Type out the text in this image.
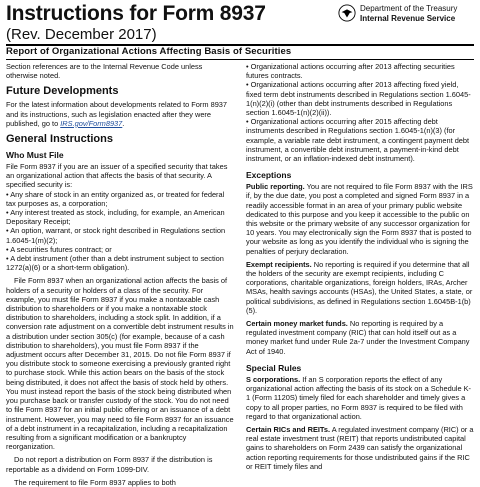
Instructions for Form 8937
(Rev. December 2017)
Department of the Treasury
Internal Revenue Service
Report of Organizational Actions Affecting Basis of Securities

Section references are to the Internal Revenue Code unless otherwise noted.

Future Developments

For the latest information about developments related to Form 8937 and its instructions, such as legislation enacted after they were published, go to IRS.gov/Form8937.

General Instructions
Who Must File

File Form 8937 if you are an issuer of a specified security that takes an organizational action that affects the basis of that security. A specified security is:

• Any share of stock in an entity organized as, or treated for federal tax purposes as, a corporation;

• Any interest treated as stock, including, for example, an American Depositary Receipt;

• An option, warrant, or stock right described in Regulations section 1.6045-1(m)(2);

• A securities futures contract; or

• A debt instrument (other than a debt instrument subject to section 1272(a)(6) or a short-term obligation).

File Form 8937 when an organizational action affects the basis of holders of a security or holders of a class of the security. For example, you must file Form 8937 if you make a nontaxable cash distribution to shareholders or if you make a nontaxable stock distribution to shareholders, including a stock split. In addition, if a conversion rate adjustment on a convertible debt instrument results in a distribution under section 305(c) (for example, because of a cash distribution to shareholders), you must file Form 8937 if the adjustment occurs after December 31, 2015. Do not file Form 8937 if you distribute stock to someone exercising a previously granted right to purchase stock. While this action bears on the basis of the stock being distributed, it does not affect the basis of stock held by others. You must instead report the basis of the stock being distributed when you purchase back or transfer custody of the stock. You do not need to file Form 8937 for an initial public offering or an issuance of a debt instrument. However, you may need to file Form 8937 for an issuance of a debt instrument in a recapitalization, including a recapitalization resulting from a significant modification or a bankruptcy reorganization.

Do not report a distribution on Form 8937 if the distribution is reportable as a dividend on Form 1099-DIV.

The requirement to file Form 8937 applies to both

• Organizational actions occurring after 2013 affecting securities futures contracts.

• Organizational actions occurring after 2013 affecting fixed yield, fixed term debt instruments described in Regulations section 1.6045-1(n)(2)(i) (other than debt instruments described in Regulations section 1.6045-1(n)(2)(ii)).

• Organizational actions occurring after 2015 affecting debt instruments described in Regulations section 1.6045-1(n)(3) (for example, a variable rate debt instrument, a contingent payment debt instrument, a convertible debt instrument, a payment-in-kind debt instrument, or an inflation-indexed debt instrument).

Exceptions

Public reporting. You are not required to file Form 8937 with the IRS if, by the due date, you post a completed and signed Form 8937 in a readily accessible format in an area of your primary public website dedicated to this purpose and you keep it accessible to the public on this website or the primary website of any successor organization for 10 years. You may electronically sign the Form 8937 that is posted to your website as long as you identify the individual who is signing the penalties of perjury declaration.

Exempt recipients. No reporting is required if you determine that all the holders of the security are exempt recipients, including C corporations, charitable organizations, foreign holders, IRAs, Archer MSAs, health savings accounts (HSAs), the United States, a state, or political subdivisions, as defined in Regulations section 1.6045B-1(b)(5).

Certain money market funds. No reporting is required by a regulated investment company (RIC) that can hold itself out as a money market fund under Rule 2a-7 under the Investment Company Act of 1940.

Special Rules

S corporations. If an S corporation reports the effect of any organizational action affecting the basis of its stock on a Schedule K-1 (Form 1120S) timely filed for each shareholder and timely gives a copy to all proper parties, no Form 8937 is required to be filed with regard to that organizational action.

Certain RICs and REITs. A regulated investment company (RIC) or a real estate investment trust (REIT) that reports undistributed capital gains to shareholders on Form 2439 can satisfy the organizational action reporting requirements for those undistributed gains if the RIC or REIT timely files and
